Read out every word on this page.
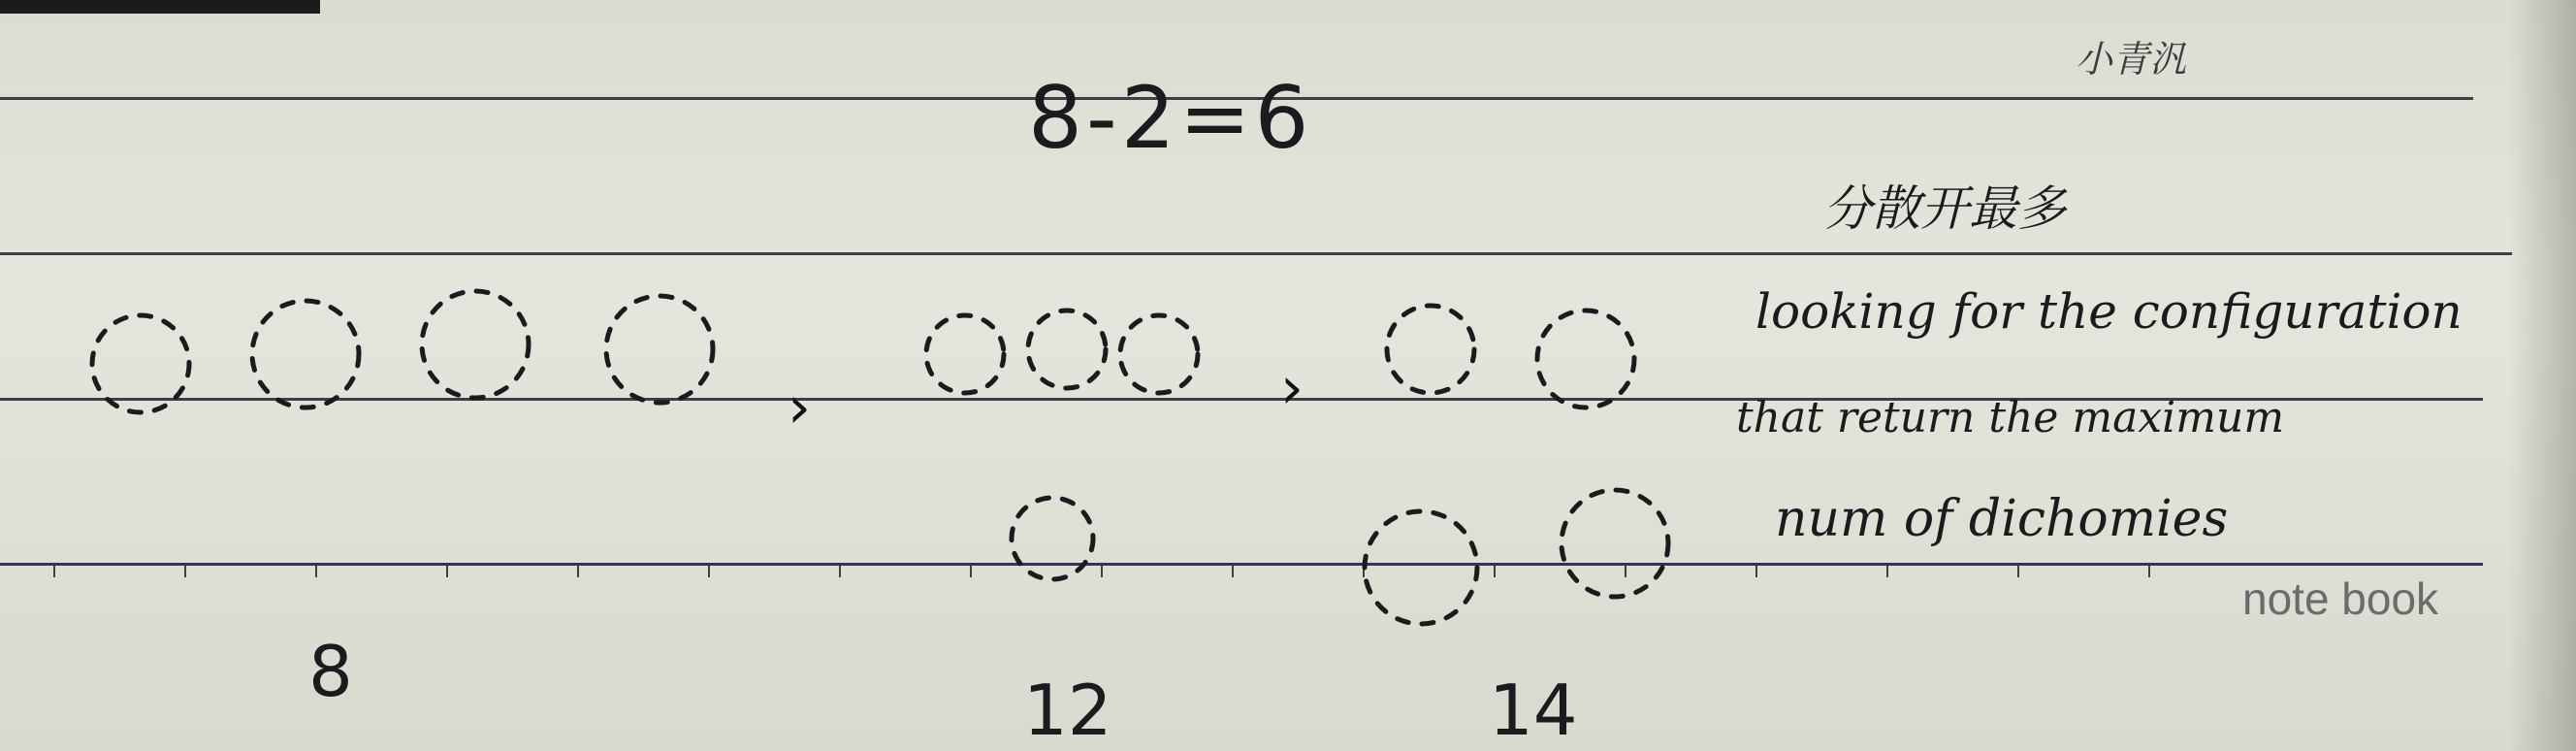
›	›
8-2=6
小青汎
分散开最多
looking for the configuration
that return the maximum
num of dichomies
8	12	14
note book
